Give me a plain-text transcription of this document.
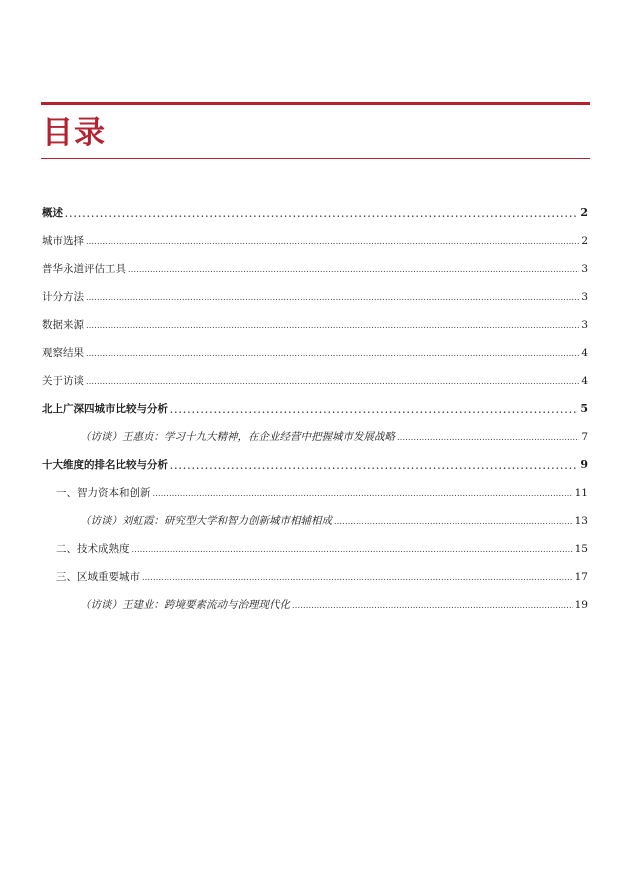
目录
概述 .....	2
城市选择 .....	2
普华永道评估工具 .....	3
计分方法 .....	3
数据来源 .....	3
观察结果 .....	4
关于访谈 .....	4
北上广深四城市比较与分析 .....	5
（访谈）王惠贞：学习十九大精神，在企业经营中把握城市发展战略 .....	7
十大维度的排名比较与分析 .....	9
一、智力资本和创新 .....	11
（访谈）刘虹霞：研究型大学和智力创新城市相辅相成 .....	13
二、技术成熟度 .....	15
三、区域重要城市 .....	17
（访谈）王建业：跨境要素流动与治理现代化 .....	19
